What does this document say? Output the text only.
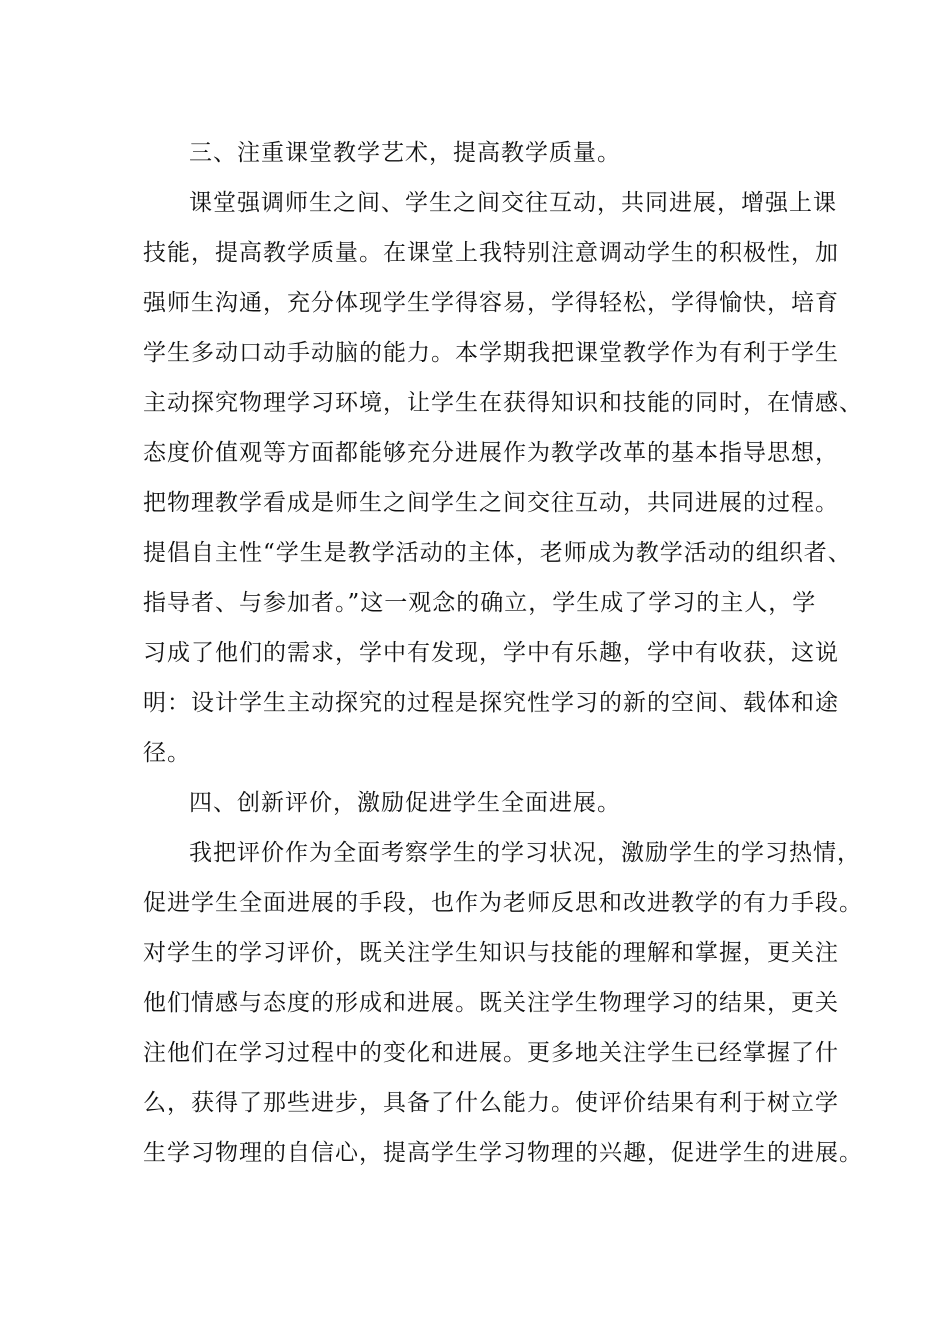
三、注重课堂教学艺术，提高教学质量。
课堂强调师生之间、学生之间交往互动，共同进展，增强上课
技能，提高教学质量。在课堂上我特别注意调动学生的积极性，加
强师生沟通，充分体现学生学得容易，学得轻松，学得愉快，培育
学生多动口动手动脑的能力。本学期我把课堂教学作为有利于学生
主动探究物理学习环境，让学生在获得知识和技能的同时，在情感、
态度价值观等方面都能够充分进展作为教学改革的基本指导思想，
把物理教学看成是师生之间学生之间交往互动，共同进展的过程。
提倡自主性“学生是教学活动的主体，老师成为教学活动的组织者、
指导者、与参加者。”这一观念的确立，学生成了学习的主人，学
习成了他们的需求，学中有发现，学中有乐趣，学中有收获，这说
明：设计学生主动探究的过程是探究性学习的新的空间、载体和途
径。
四、创新评价，激励促进学生全面进展。
我把评价作为全面考察学生的学习状况，激励学生的学习热情，
促进学生全面进展的手段，也作为老师反思和改进教学的有力手段。
对学生的学习评价，既关注学生知识与技能的理解和掌握，更关注
他们情感与态度的形成和进展。既关注学生物理学习的结果，更关
注他们在学习过程中的变化和进展。更多地关注学生已经掌握了什
么，获得了那些进步，具备了什么能力。使评价结果有利于树立学
生学习物理的自信心，提高学生学习物理的兴趣，促进学生的进展。
